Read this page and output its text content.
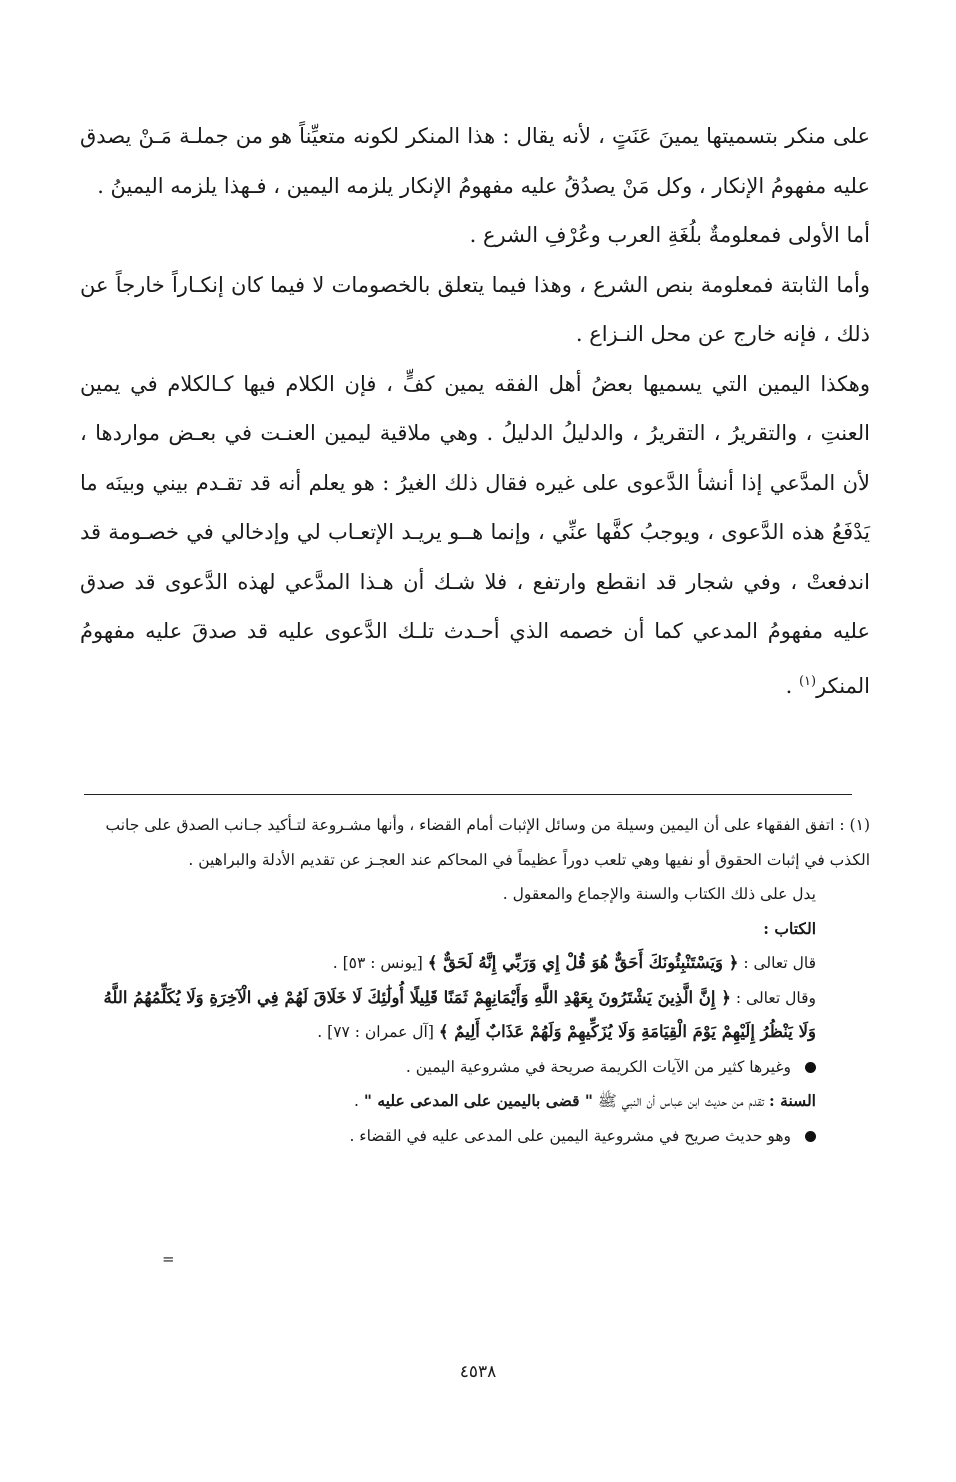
على منكر بتسميتها يمينَ عَنَتٍ ، لأنه يقال : هذا المنكر لكونه متعيِّناً هو من جملـة مَـنْ يصدق عليه مفهومُ الإنكار ، وكل مَنْ يصدُقُ عليه مفهومُ الإنكار يلزمه اليمين ، فـهذا يلزمه اليمينُ .

أما الأولى فمعلومةٌ بلُغَةِ العرب وعُرْفِ الشرع .

وأما الثابتة فمعلومة بنص الشرع ، وهذا فيما يتعلق بالخصومات لا فيما كان إنكـاراً خارجاً عن ذلك ، فإنه خارج عن محل النـزاع .

وهكذا اليمين التي يسميها بعضُ أهل الفقه يمين كفٍّ ، فإن الكلام فيها كـالكلام في يمين العنتِ ، والتقريرُ ، التقريرُ ، والدليلُ الدليلُ . وهي ملاقية ليمين العنـت في بعـض مواردها ، لأن المدَّعي إذا أنشأ الدَّعوى على غيره فقال ذلك الغيرُ : هو يعلم أنه قد تقـدم بيني وبينَه ما يَدْفَعُ هذه الدَّعوى ، ويوجبُ كفَّها عنِّي ، وإنما هــو يريـد الإتعـاب لي وإدخالي في خصـومة قد اندفعتْ ، وفي شجار قد انقطع وارتفع ، فلا شـك أن هـذا المدَّعي لهذه الدَّعوى قد صدق عليه مفهومُ المدعي كما أن خصمه الذي أحـدث تلـك الدَّعوى عليه قد صدقَ عليه مفهومُ المنكر$^{(١)}$ .

(١) : اتفق الفقهاء على أن اليمين وسيلة من وسائل الإثبات أمام القضاء ، وأنها مشـروعة لتـأكيد جـانب الصدق على جانب الكذب في إثبات الحقوق أو نفيها وهي تلعب دوراً عظيماً في المحاكم عند العجـز عن تقديم الأدلة والبراهين .

يدل على ذلك الكتاب والسنة والإجماع والمعقول .

الكتاب :

قال تعالى : ﴿ وَيَسْتَنْبِئُونَكَ أَحَقٌّ هُوَ قُلْ إِي وَرَبِّي إِنَّهُ لَحَقٌّ ﴾ [يونس : ٥٣] .

وقال تعالى : ﴿ إِنَّ الَّذِينَ يَشْتَرُونَ بِعَهْدِ اللَّهِ وَأَيْمَانِهِمْ ثَمَنًا قَلِيلًا أُولَٰئِكَ لَا خَلَاقَ لَهُمْ فِي الْآخِرَةِ وَلَا يُكَلِّمُهُمُ اللَّهُ وَلَا يَنْظُرُ إِلَيْهِمْ يَوْمَ الْقِيَامَةِ وَلَا يُزَكِّيهِمْ وَلَهُمْ عَذَابٌ أَلِيمٌ ﴾ [آل عمران : ٧٧] .

وغيرها كثير من الآيات الكريمة صريحة في مشروعية اليمين .

السنة : تقدم من حديث ابن عباس أن النبي ﷺ " قضى باليمين على المدعى عليه " .

وهو حديث صريح في مشروعية اليمين على المدعى عليه في القضاء .

=
٤٥٣٨
